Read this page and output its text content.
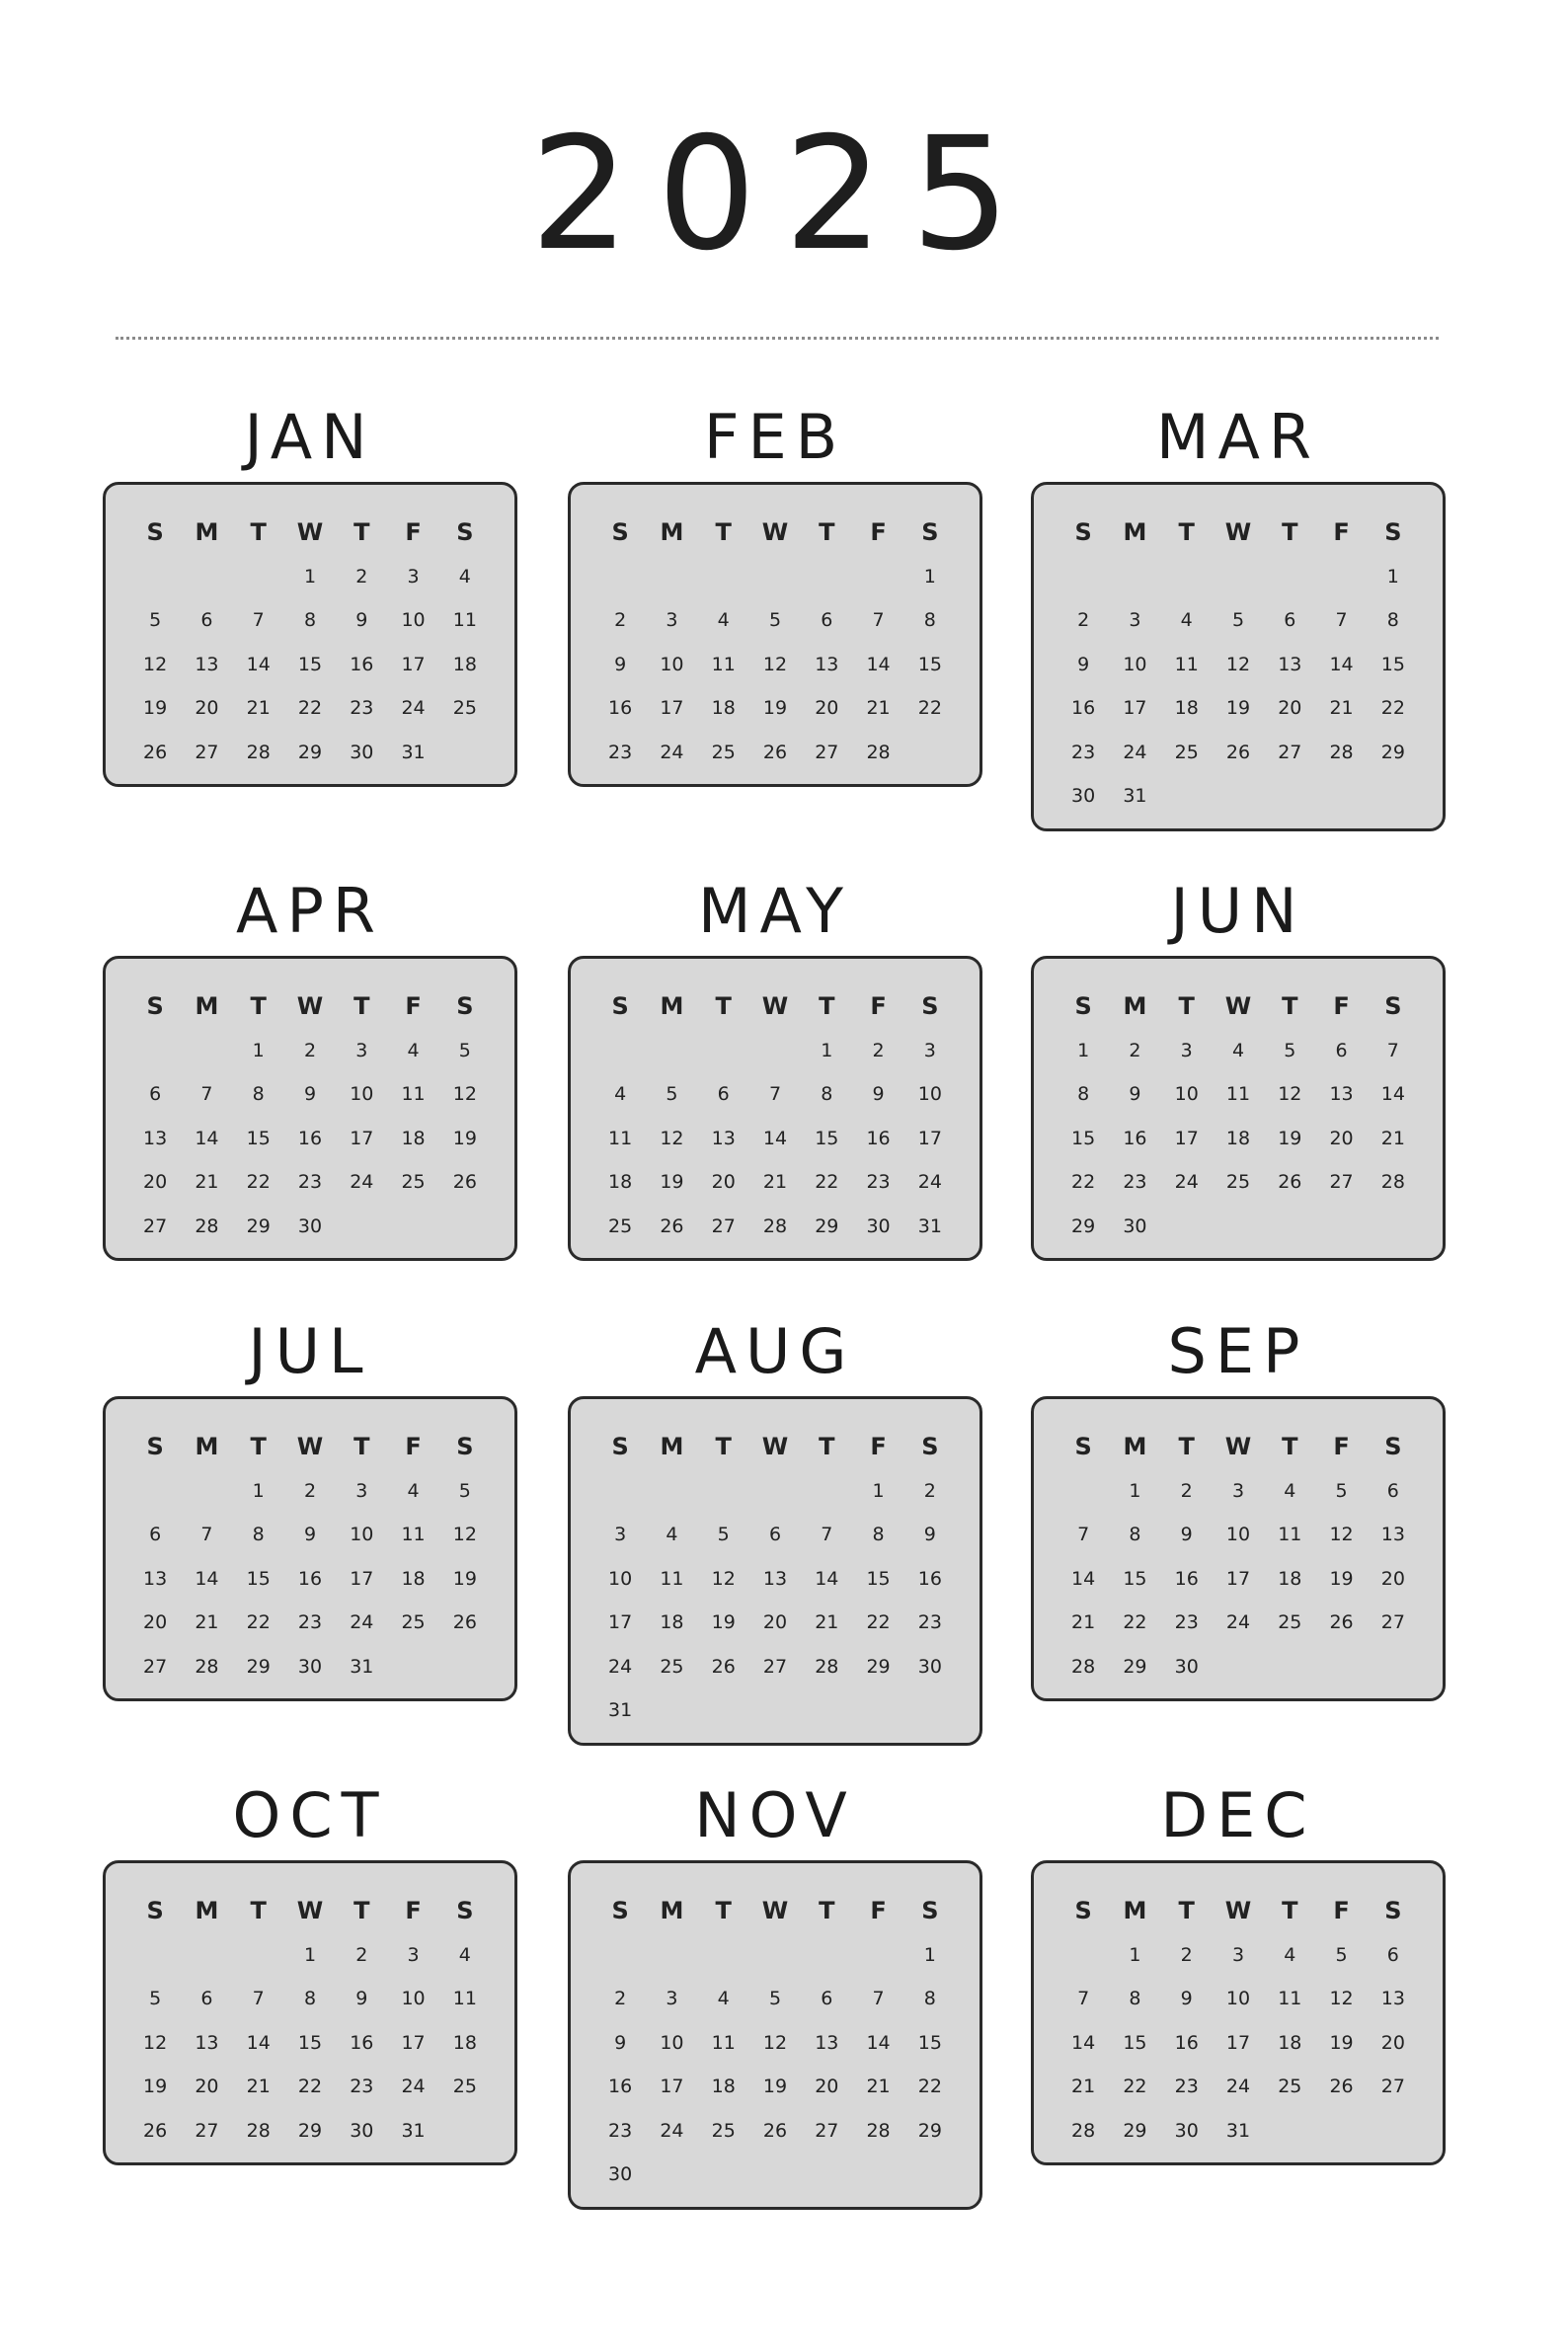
2025
JAN
S M T W T F S
1 2 3 4
5 6 7 8 9 10 11
12 13 14 15 16 17 18
19 20 21 22 23 24 25
26 27 28 29 30 31
FEB
S M T W T F S
1
2 3 4 5 6 7 8
9 10 11 12 13 14 15
16 17 18 19 20 21 22
23 24 25 26 27 28
MAR
S M T W T F S
1
2 3 4 5 6 7 8
9 10 11 12 13 14 15
16 17 18 19 20 21 22
23 24 25 26 27 28 29
30 31
APR
S M T W T F S
1 2 3 4 5
6 7 8 9 10 11 12
13 14 15 16 17 18 19
20 21 22 23 24 25 26
27 28 29 30
MAY
S M T W T F S
1 2 3
4 5 6 7 8 9 10
11 12 13 14 15 16 17
18 19 20 21 22 23 24
25 26 27 28 29 30 31
JUN
S M T W T F S
1 2 3 4 5 6 7
8 9 10 11 12 13 14
15 16 17 18 19 20 21
22 23 24 25 26 27 28
29 30
JUL
S M T W T F S
1 2 3 4 5
6 7 8 9 10 11 12
13 14 15 16 17 18 19
20 21 22 23 24 25 26
27 28 29 30 31
AUG
S M T W T F S
1 2
3 4 5 6 7 8 9
10 11 12 13 14 15 16
17 18 19 20 21 22 23
24 25 26 27 28 29 30
31
SEP
S M T W T F S
1 2 3 4 5 6
7 8 9 10 11 12 13
14 15 16 17 18 19 20
21 22 23 24 25 26 27
28 29 30
OCT
S M T W T F S
1 2 3 4
5 6 7 8 9 10 11
12 13 14 15 16 17 18
19 20 21 22 23 24 25
26 27 28 29 30 31
NOV
S M T W T F S
1
2 3 4 5 6 7 8
9 10 11 12 13 14 15
16 17 18 19 20 21 22
23 24 25 26 27 28 29
30
DEC
S M T W T F S
1 2 3 4 5 6
7 8 9 10 11 12 13
14 15 16 17 18 19 20
21 22 23 24 25 26 27
28 29 30 31
